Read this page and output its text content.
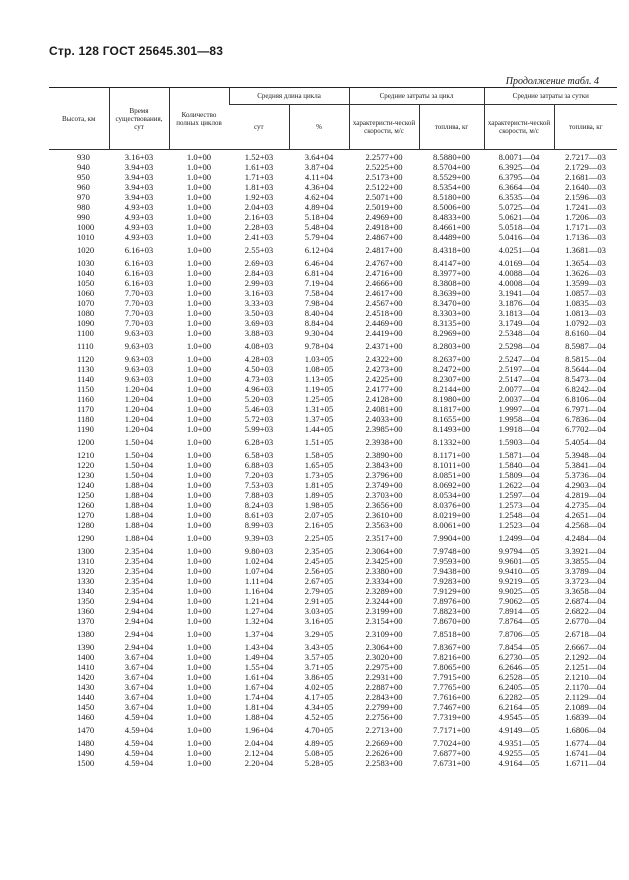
Стр. 128 ГОСТ 25645.301—83
Продолжение табл. 4
Высота, км	Время существования, сут	Количество полных циклов	Средняя длина цикла		Средние затраты за цикл		Средние затраты за сутки	
			сут	%	характеристи-ческой скорости, м/с	топлива, кг	характеристи-ческой скорости, м/с	топлива, кг
930	3.16+03	1.0+00	1.52+03	3.64+04	2.2577+00	8.5880+00	8.0071—04	2.7217—03
940	3.94+03	1.0+00	1.61+03	3.87+04	2.5225+00	8.5704+00	6.3925—04	2.1729—03
950	3.94+03	1.0+00	1.71+03	4.11+04	2.5173+00	8.5529+00	6.3795—04	2.1681—03
960	3.94+03	1.0+00	1.81+03	4.36+04	2.5122+00	8.5354+00	6.3664—04	2.1640—03
970	3.94+03	1.0+00	1.92+03	4.62+04	2.5071+00	8.5180+00	6.3535—04	2.1596—03
980	4.93+03	1.0+00	2.04+03	4.89+04	2.5019+00	8.5006+00	5.0725—04	1.7241—03
990	4.93+03	1.0+00	2.16+03	5.18+04	2.4969+00	8.4833+00	5.0621—04	1.7206—03
1000	4.93+03	1.0+00	2.28+03	5.48+04	2.4918+00	8.4661+00	5.0518—04	1.7171—03
1010	4.93+03	1.0+00	2.41+03	5.79+04	2.4867+00	8.4489+00	5.0416—04	1.7136—03
1020	6.16+03	1.0+00	2.55+03	6.12+04	2.4817+00	8.4318+00	4.0251—04	1.3681—03
1030	6.16+03	1.0+00	2.69+03	6.46+04	2.4767+00	8.4147+00	4.0169—04	1.3654—03
1040	6.16+03	1.0+00	2.84+03	6.81+04	2.4716+00	8.3977+00	4.0088—04	1.3626—03
1050	6.16+03	1.0+00	2.99+03	7.19+04	2.4666+00	8.3808+00	4.0008—04	1.3599—03
1060	7.70+03	1.0+00	3.16+03	7.58+04	2.4617+00	8.3639+00	3.1941—04	1.0857—03
1070	7.70+03	1.0+00	3.33+03	7.98+04	2.4567+00	8.3470+00	3.1876—04	1.0835—03
1080	7.70+03	1.0+00	3.50+03	8.40+04	2.4518+00	8.3303+00	3.1813—04	1.0813—03
1090	7.70+03	1.0+00	3.69+03	8.84+04	2.4469+00	8.3135+00	3.1749—04	1.0792—03
1100	9.63+03	1.0+00	3.88+03	9.30+04	2.4419+00	8.2969+00	2.5348—04	8.6160—04
1110	9.63+03	1.0+00	4.08+03	9.78+04	2.4371+00	8.2803+00	2.5298—04	8.5987—04
1120	9.63+03	1.0+00	4.28+03	1.03+05	2.4322+00	8.2637+00	2.5247—04	8.5815—04
1130	9.63+03	1.0+00	4.50+03	1.08+05	2.4273+00	8.2472+00	2.5197—04	8.5644—04
1140	9.63+03	1.0+00	4.73+03	1.13+05	2.4225+00	8.2307+00	2.5147—04	8.5473—04
1150	1.20+04	1.0+00	4.96+03	1.19+05	2.4177+00	8.2144+00	2.0077—04	6.8242—04
1160	1.20+04	1.0+00	5.20+03	1.25+05	2.4128+00	8.1980+00	2.0037—04	6.8106—04
1170	1.20+04	1.0+00	5.46+03	1.31+05	2.4081+00	8.1817+00	1.9997—04	6.7971—04
1180	1.20+04	1.0+00	5.72+03	1.37+05	2.4033+00	8.1655+00	1.9958—04	6.7836—04
1190	1.20+04	1.0+00	5.99+03	1.44+05	2.3985+00	8.1493+00	1.9918—04	6.7702—04
1200	1.50+04	1.0+00	6.28+03	1.51+05	2.3938+00	8.1332+00	1.5903—04	5.4054—04
1210	1.50+04	1.0+00	6.58+03	1.58+05	2.3890+00	8.1171+00	1.5871—04	5.3948—04
1220	1.50+04	1.0+00	6.88+03	1.65+05	2.3843+00	8.1011+00	1.5840—04	5.3841—04
1230	1.50+04	1.0+00	7.20+03	1.73+05	2.3796+00	8.0851+00	1.5809—04	5.3736—04
1240	1.88+04	1.0+00	7.53+03	1.81+05	2.3749+00	8.0692+00	1.2622—04	4.2903—04
1250	1.88+04	1.0+00	7.88+03	1.89+05	2.3703+00	8.0534+00	1.2597—04	4.2819—04
1260	1.88+04	1.0+00	8.24+03	1.98+05	2.3656+00	8.0376+00	1.2573—04	4.2735—04
1270	1.88+04	1.0+00	8.61+03	2.07+05	2.3610+00	8.0219+00	1.2548—04	4.2651—04
1280	1.88+04	1.0+00	8.99+03	2.16+05	2.3563+00	8.0061+00	1.2523—04	4.2568—04
1290	1.88+04	1.0+00	9.39+03	2.25+05	2.3517+00	7.9904+00	1.2499—04	4.2484—04
1300	2.35+04	1.0+00	9.80+03	2.35+05	2.3064+00	7.9748+00	9.9794—05	3.3921—04
1310	2.35+04	1.0+00	1.02+04	2.45+05	2.3425+00	7.9593+00	9.9601—05	3.3855—04
1320	2.35+04	1.0+00	1.07+04	2.56+05	2.3380+00	7.9438+00	9.9410—05	3.3789—04
1330	2.35+04	1.0+00	1.11+04	2.67+05	2.3334+00	7.9283+00	9.9219—05	3.3723—04
1340	2.35+04	1.0+00	1.16+04	2.79+05	2.3289+00	7.9129+00	9.9025—05	3.3658—04
1350	2.94+04	1.0+00	1.21+04	2.91+05	2.3244+00	7.8976+00	7.9062—05	2.6874—04
1360	2.94+04	1.0+00	1.27+04	3.03+05	2.3199+00	7.8823+00	7.8914—05	2.6822—04
1370	2.94+04	1.0+00	1.32+04	3.16+05	2.3154+00	7.8670+00	7.8764—05	2.6770—04
1380	2.94+04	1.0+00	1.37+04	3.29+05	2.3109+00	7.8518+00	7.8706—05	2.6718—04
1390	2.94+04	1.0+00	1.43+04	3.43+05	2.3064+00	7.8367+00	7.8454—05	2.6667—04
1400	3.67+04	1.0+00	1.49+04	3.57+05	2.3020+00	7.8216+00	6.2730—05	2.1292—04
1410	3.67+04	1.0+00	1.55+04	3.71+05	2.2975+00	7.8065+00	6.2646—05	2.1251—04
1420	3.67+04	1.0+00	1.61+04	3.86+05	2.2931+00	7.7915+00	6.2528—05	2.1210—04
1430	3.67+04	1.0+00	1.67+04	4.02+05	2.2887+00	7.7765+00	6.2405—05	2.1170—04
1440	3.67+04	1.0+00	1.74+04	4.17+05	2.2843+00	7.7616+00	6.2282—05	2.1129—04
1450	3.67+04	1.0+00	1.81+04	4.34+05	2.2799+00	7.7467+00	6.2164—05	2.1089—04
1460	4.59+04	1.0+00	1.88+04	4.52+05	2.2756+00	7.7319+00	4.9545—05	1.6839—04
1470	4.59+04	1.0+00	1.96+04	4.70+05	2.2713+00	7.7171+00	4.9149—05	1.6806—04
1480	4.59+04	1.0+00	2.04+04	4.89+05	2.2669+00	7.7024+00	4.9351—05	1.6774—04
1490	4.59+04	1.0+00	2.12+04	5.08+05	2.2626+00	7.6877+00	4.9255—05	1.6741—04
1500	4.59+04	1.0+00	2.20+04	5.28+05	2.2583+00	7.6731+00	4.9164—05	1.6711—04
